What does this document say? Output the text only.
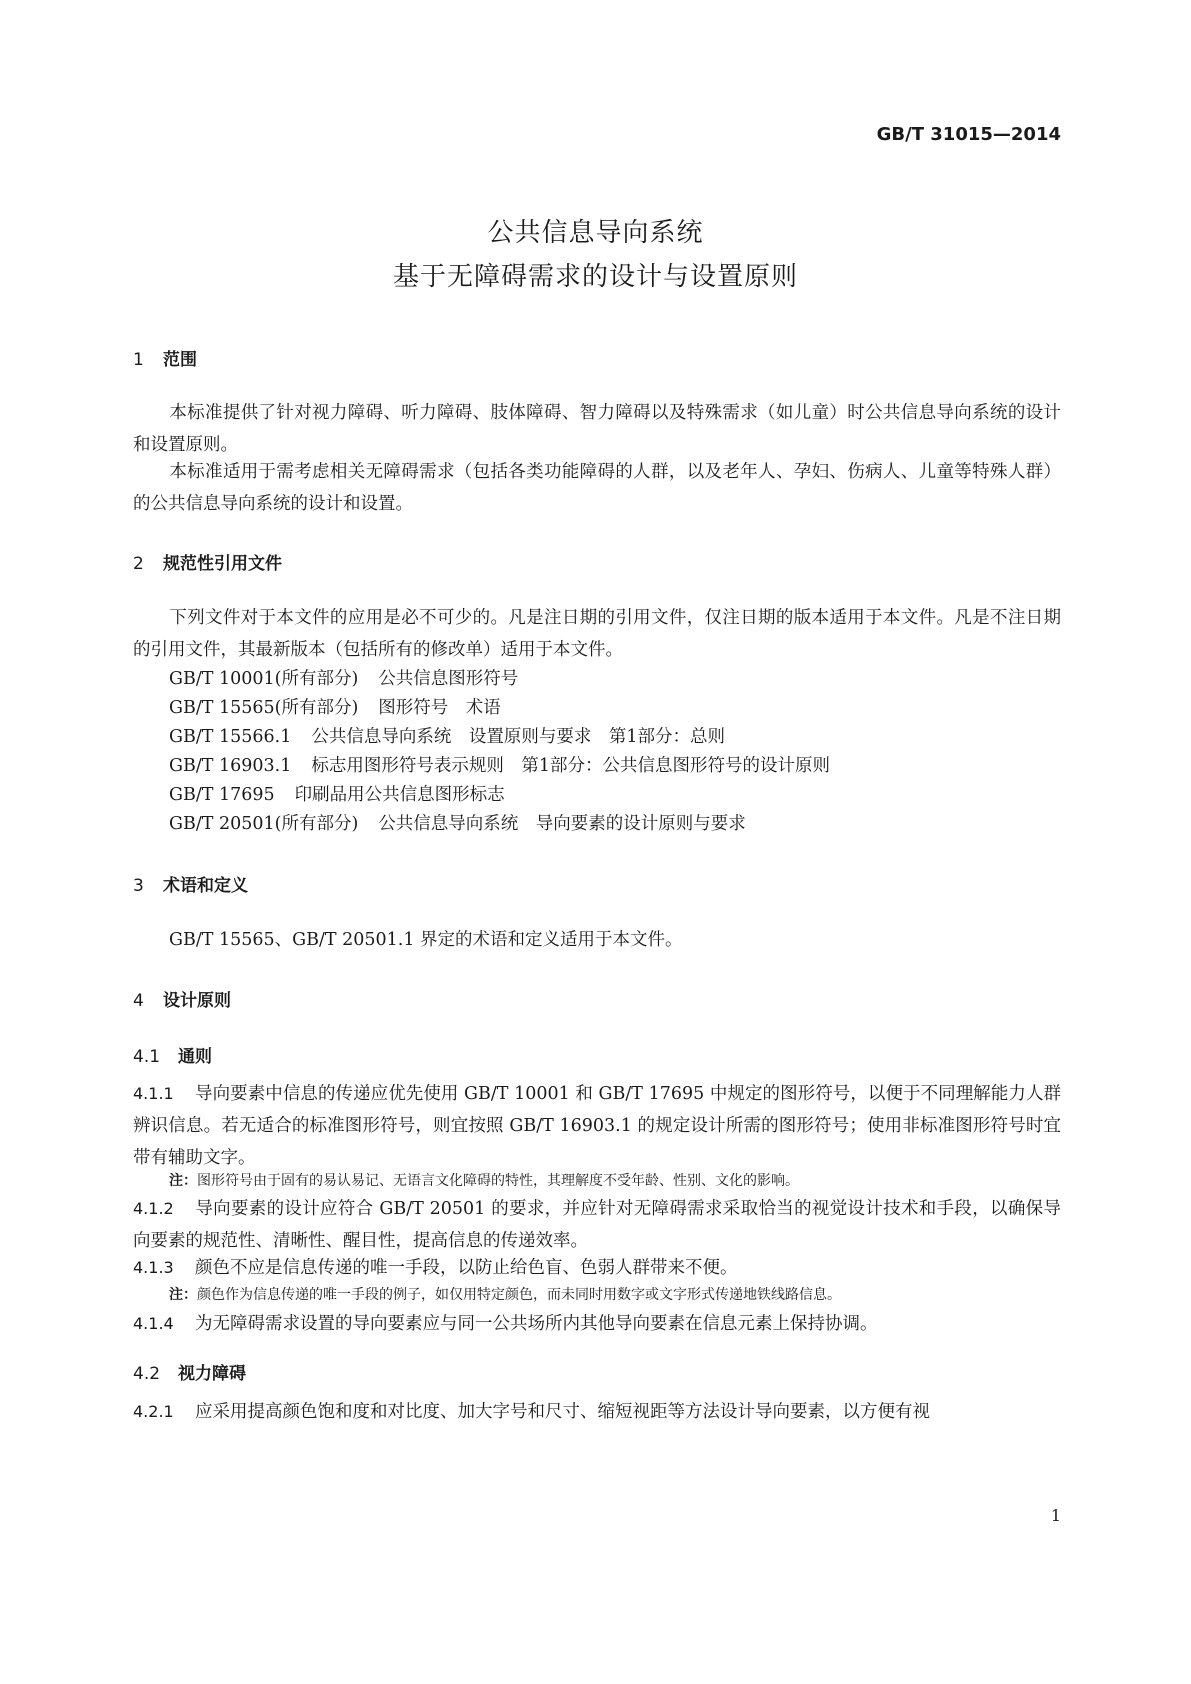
GB/T 31015—2014
公共信息导向系统
基于无障碍需求的设计与设置原则
1 范围
本标准提供了针对视力障碍、听力障碍、肢体障碍、智力障碍以及特殊需求（如儿童）时公共信息导向系统的设计和设置原则。
本标准适用于需考虑相关无障碍需求（包括各类功能障碍的人群，以及老年人、孕妇、伤病人、儿童等特殊人群）的公共信息导向系统的设计和设置。
2 规范性引用文件
下列文件对于本文件的应用是必不可少的。凡是注日期的引用文件，仅注日期的版本适用于本文件。凡是不注日期的引用文件，其最新版本（包括所有的修改单）适用于本文件。
GB/T 10001(所有部分) 公共信息图形符号
GB/T 15565(所有部分) 图形符号　术语
GB/T 15566.1 公共信息导向系统　设置原则与要求　第1部分：总则
GB/T 16903.1 标志用图形符号表示规则　第1部分：公共信息图形符号的设计原则
GB/T 17695 印刷品用公共信息图形标志
GB/T 20501(所有部分) 公共信息导向系统　导向要素的设计原则与要求
3 术语和定义
GB/T 15565、GB/T 20501.1 界定的术语和定义适用于本文件。
4 设计原则
4.1 通则
4.1.1 导向要素中信息的传递应优先使用 GB/T 10001 和 GB/T 17695 中规定的图形符号，以便于不同理解能力人群辨识信息。若无适合的标准图形符号，则宜按照 GB/T 16903.1 的规定设计所需的图形符号；使用非标准图形符号时宜带有辅助文字。
注：图形符号由于固有的易认易记、无语言文化障碍的特性，其理解度不受年龄、性别、文化的影响。
4.1.2 导向要素的设计应符合 GB/T 20501 的要求，并应针对无障碍需求采取恰当的视觉设计技术和手段，以确保导向要素的规范性、清晰性、醒目性，提高信息的传递效率。
4.1.3 颜色不应是信息传递的唯一手段，以防止给色盲、色弱人群带来不便。
注：颜色作为信息传递的唯一手段的例子，如仅用特定颜色，而未同时用数字或文字形式传递地铁线路信息。
4.1.4 为无障碍需求设置的导向要素应与同一公共场所内其他导向要素在信息元素上保持协调。
4.2 视力障碍
4.2.1 应采用提高颜色饱和度和对比度、加大字号和尺寸、缩短视距等方法设计导向要素，以方便有视
1
